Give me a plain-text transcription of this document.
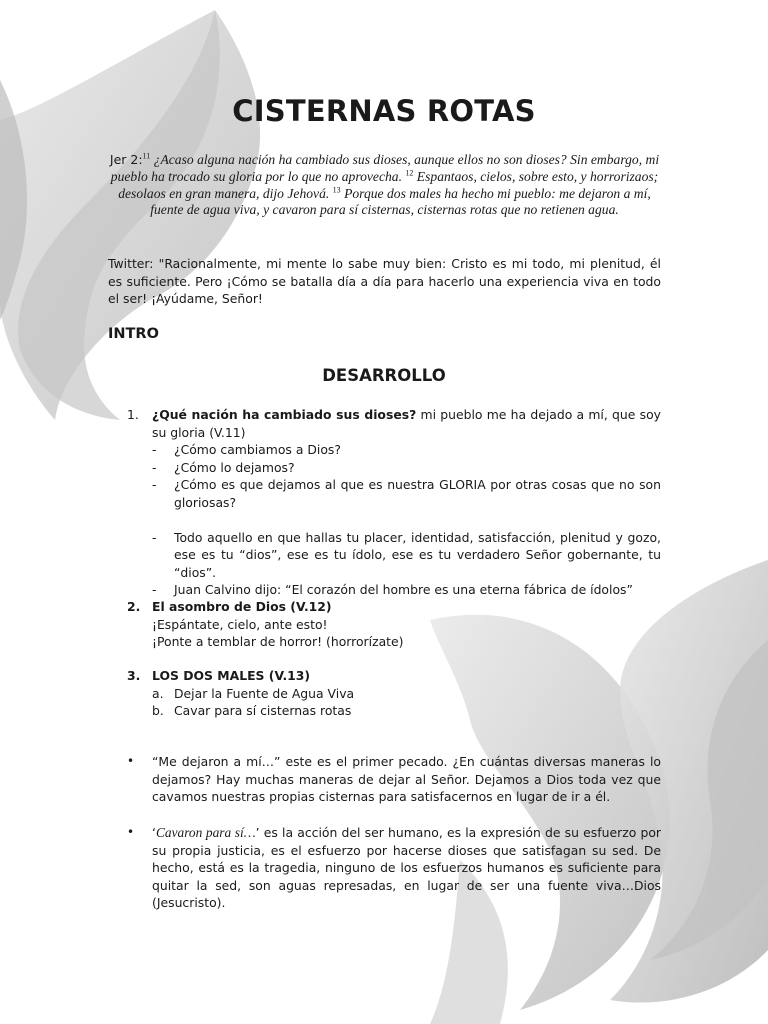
CISTERNAS ROTAS

Jer 2:$^{11}$ ¿Acaso alguna nación ha cambiado sus dioses, aunque ellos no son dioses? Sin embargo, mi pueblo ha trocado su gloria por lo que no aprovecha. $^{12}$ Espantaos, cielos, sobre esto, y horrorizaos; desolaos en gran manera, dijo Jehová. $^{13}$ Porque dos males ha hecho mi pueblo: me dejaron a mí, fuente de agua viva, y cavaron para sí cisternas, cisternas rotas que no retienen agua.

Twitter: "Racionalmente, mi mente lo sabe muy bien: Cristo es mi todo, mi plenitud, él es suficiente. Pero ¡Cómo se batalla día a día para hacerlo una experiencia viva en todo el ser! ¡Ayúdame, Señor!

INTRO
DESARROLLO
1.	¿Qué nación ha cambiado sus dioses? mi pueblo me ha dejado a mí, que soy su gloria (V.11)
- ¿Cómo cambiamos a Dios?
- ¿Cómo lo dejamos?
- ¿Cómo es que dejamos al que es nuestra GLORIA por otras cosas que no son gloriosas?
- Todo aquello en que hallas tu placer, identidad, satisfacción, plenitud y gozo, ese es tu “dios”, ese es tu ídolo, ese es tu verdadero Señor gobernante, tu “dios”.
- Juan Calvino dijo: “El corazón del hombre es una eterna fábrica de ídolos”
2. El asombro de Dios (V.12)
¡Espántate, cielo, ante esto!
¡Ponte a temblar de horror! (horrorízate)
3. LOS DOS MALES (V.13)
a. Dejar la Fuente de Agua Viva
b. Cavar para sí cisternas rotas
• “Me dejaron a mí…” este es el primer pecado. ¿En cuántas diversas maneras lo dejamos? Hay muchas maneras de dejar al Señor. Dejamos a Dios toda vez que cavamos nuestras propias cisternas para satisfacernos en lugar de ir a él.
• ‘Cavaron para sí…’ es la acción del ser humano, es la expresión de su esfuerzo por su propia justicia, es el esfuerzo por hacerse dioses que satisfagan su sed. De hecho, está es la tragedia, ninguno de los esfuerzos humanos es suficiente para quitar la sed, son aguas represadas, en lugar de ser una fuente viva…Dios (Jesucristo).
